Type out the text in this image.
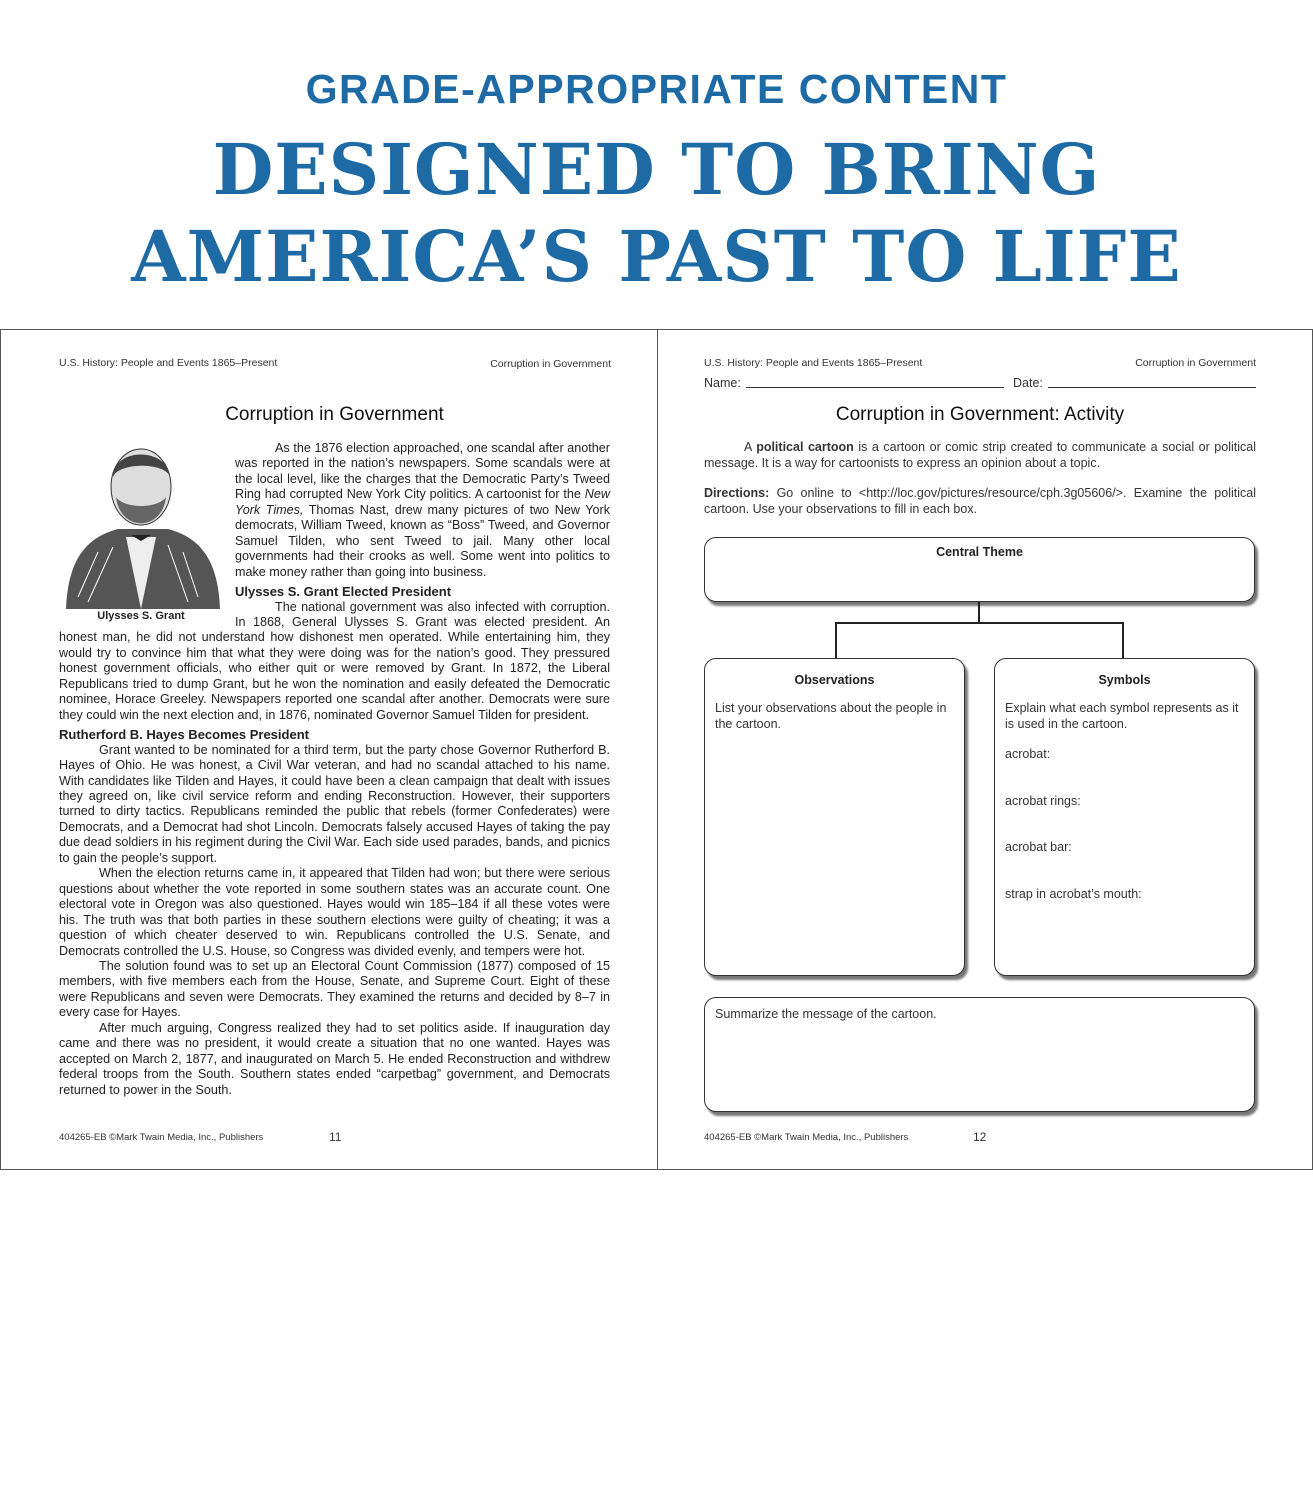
GRADE-APPROPRIATE CONTENT
DESIGNED TO BRING
AMERICA’S PAST TO LIFE
U.S. History: People and Events 1865–Present	Corruption in Government
Corruption in Government
Ulysses S. Grant

As the 1876 election approached, one scandal after another was reported in the nation’s newspapers. Some scandals were at the local level, like the charges that the Democratic Party’s Tweed Ring had corrupted New York City politics. A cartoonist for the New York Times, Thomas Nast, drew many pictures of two New York democrats, William Tweed, known as “Boss” Tweed, and Governor Samuel Tilden, who sent Tweed to jail. Many other local governments had their crooks as well. Some went into politics to make money rather than going into business.

Ulysses S. Grant Elected President

The national government was also infected with corruption. In 1868, General Ulysses S. Grant was elected president. An honest man, he did not understand how dishonest men operated. While entertaining him, they would try to convince him that what they were doing was for the nation’s good. They pressured honest government officials, who either quit or were removed by Grant. In 1872, the Liberal Republicans tried to dump Grant, but he won the nomination and easily defeated the Democratic nominee, Horace Greeley. Newspapers reported one scandal after another. Democrats were sure they could win the next election and, in 1876, nominated Governor Samuel Tilden for president.

Rutherford B. Hayes Becomes President

Grant wanted to be nominated for a third term, but the party chose Governor Rutherford B. Hayes of Ohio. He was honest, a Civil War veteran, and had no scandal attached to his name. With candidates like Tilden and Hayes, it could have been a clean campaign that dealt with issues they agreed on, like civil service reform and ending Reconstruction. However, their supporters turned to dirty tactics. Republicans reminded the public that rebels (former Confederates) were Democrats, and a Democrat had shot Lincoln. Democrats falsely accused Hayes of taking the pay due dead soldiers in his regiment during the Civil War. Each side used parades, bands, and picnics to gain the people’s support.

When the election returns came in, it appeared that Tilden had won; but there were serious questions about whether the vote reported in some southern states was an accurate count. One electoral vote in Oregon was also questioned. Hayes would win 185–184 if all these votes were his. The truth was that both parties in these southern elections were guilty of cheating; it was a question of which cheater deserved to win. Republicans controlled the U.S. Senate, and Democrats controlled the U.S. House, so Congress was divided evenly, and tempers were hot.

The solution found was to set up an Electoral Count Commission (1877) composed of 15 members, with five members each from the House, Senate, and Supreme Court. Eight of these were Republicans and seven were Democrats. They examined the returns and decided by 8–7 in every case for Hayes.

After much arguing, Congress realized they had to set politics aside. If inauguration day came and there was no president, it would create a situation that no one wanted. Hayes was accepted on March 2, 1877, and inaugurated on March 5. He ended Reconstruction and withdrew federal troops from the South. Southern states ended “carpetbag” government, and Democrats returned to power in the South.

404265-EB ©Mark Twain Media, Inc., Publishers	11
U.S. History: People and Events 1865–Present	Corruption in Government
Name:	Date:
Corruption in Government: Activity
A political cartoon is a cartoon or comic strip created to communicate a social or political message. It is a way for cartoonists to express an opinion about a topic.
Directions: Go online to <http://loc.gov/pictures/resource/cph.3g05606/>. Examine the political cartoon. Use your observations to fill in each box.
Central Theme
Observations
List your observations about the people in the cartoon.
Symbols
Explain what each symbol represents as it is used in the cartoon.
acrobat:
acrobat rings:
acrobat bar:
strap in acrobat’s mouth:
Summarize the message of the cartoon.
404265-EB ©Mark Twain Media, Inc., Publishers	12
